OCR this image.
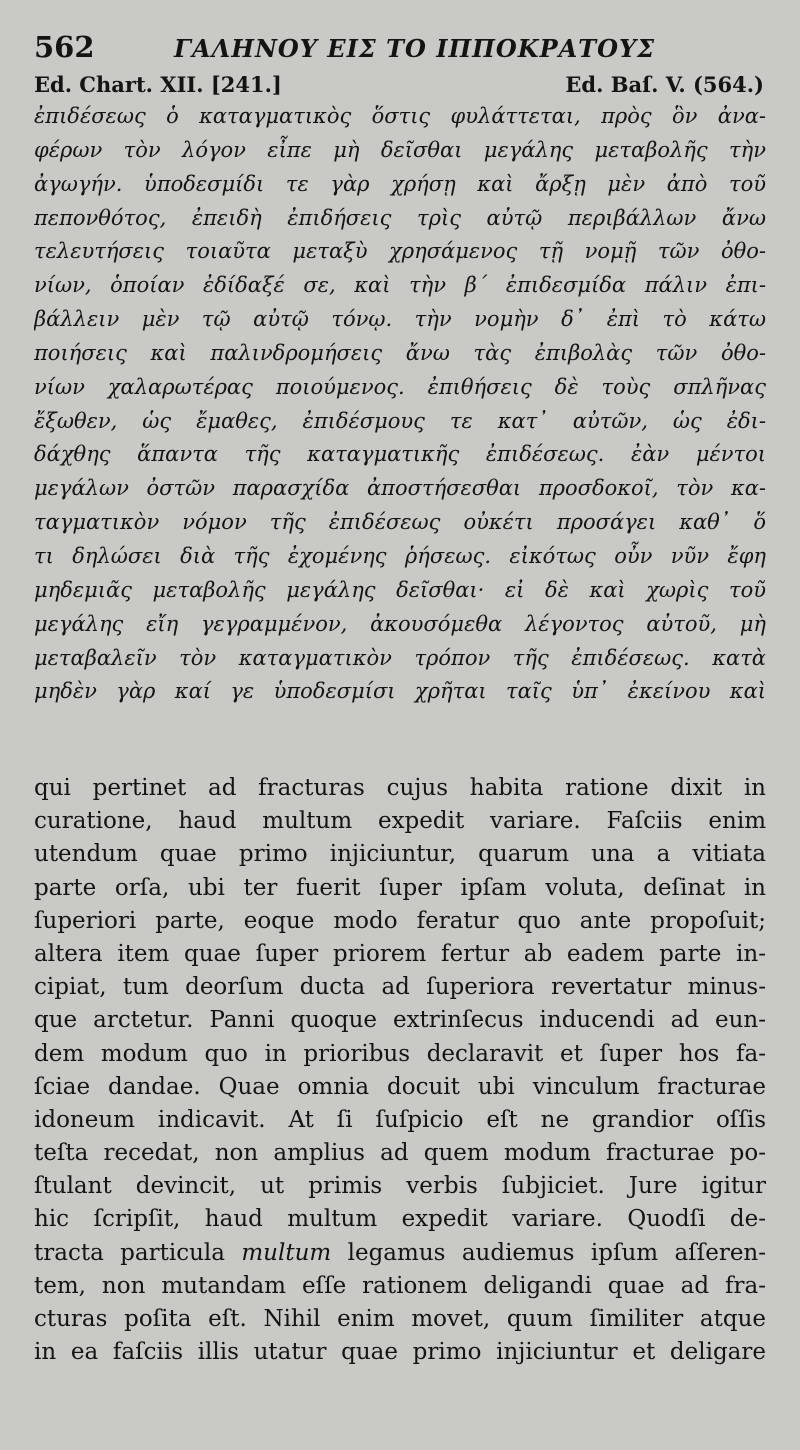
562	ΓΑΛΗΝΟΥ ΕΙΣ ΤΟ ΙΠΠΟΚΡΑΤΟΥΣ
Ed. Chart. XII. [241.]	Ed. Baſ. V. (564.)
ἐπιδέσεως ὁ καταγματικὸς ὅστις φυλάττεται, πρὸς ὃν ἀνα-
φέρων τὸν λόγον εἶπε μὴ δεῖσθαι μεγάλης μεταβολῆς τὴν
ἀγωγήν. ὑποδεσμίδι τε γὰρ χρήσῃ καὶ ἄρξῃ μὲν ἀπὸ τοῦ
πεπονθότος, ἐπειδὴ ἐπιδήσεις τρὶς αὐτῷ περιβάλλων ἄνω
τελευτήσεις τοιαῦτα μεταξὺ χρησάμενος τῇ νομῇ τῶν ὀθο-
νίων, ὁποίαν ἐδίδαξέ σε, καὶ τὴν β΄ ἐπιδεσμίδα πάλιν ἐπι-
βάλλειν μὲν τῷ αὐτῷ τόνῳ. τὴν νομὴν δ᾿ ἐπὶ τὸ κάτω
ποιήσεις καὶ παλινδρομήσεις ἄνω τὰς ἐπιβολὰς τῶν ὀθο-
νίων χαλαρωτέρας ποιούμενος. ἐπιθήσεις δὲ τοὺς σπλῆνας
ἔξωθεν, ὡς ἔμαθες, ἐπιδέσμους τε κατ᾿ αὐτῶν, ὡς ἐδι-
δάχθης ἅπαντα τῆς καταγματικῆς ἐπιδέσεως. ἐὰν μέντοι
μεγάλων ὀστῶν παρασχίδα ἀποστήσεσθαι προσδοκοῖ, τὸν κα-
ταγματικὸν νόμον τῆς ἐπιδέσεως οὐκέτι προσάγει καθ᾿ ὅ
τι δηλώσει διὰ τῆς ἐχομένης ῥήσεως. εἰκότως οὖν νῦν ἔφη
μηδεμιᾶς μεταβολῆς μεγάλης δεῖσθαι· εἰ δὲ καὶ χωρὶς τοῦ
μεγάλης εἴη γεγραμμένον, ἀκουσόμεθα λέγοντος αὐτοῦ, μὴ
μεταβαλεῖν τὸν καταγματικὸν τρόπον τῆς ἐπιδέσεως. κατὰ
μηδὲν γὰρ καί γε ὑποδεσμίσι χρῆται ταῖς ὑπ᾿ ἐκείνου καὶ
qui pertinet ad fracturas cujus habita ratione dixit in
curatione, haud multum expedit variare. Faſciis enim
utendum quae primo injiciuntur, quarum una a vitiata
parte orſa, ubi ter fuerit ſuper ipſam voluta, deſinat in
ſuperiori parte, eoque modo feratur quo ante propoſuit;
altera item quae ſuper priorem fertur ab eadem parte in-
cipiat, tum deorſum ducta ad ſuperiora revertatur minus-
que arctetur. Panni quoque extrinſecus inducendi ad eun-
dem modum quo in prioribus declaravit et ſuper hos fa-
ſciae dandae. Quae omnia docuit ubi vinculum fracturae
idoneum indicavit. At ſi ſuſpicio eſt ne grandior oſſis
teſta recedat, non amplius ad quem modum fracturae po-
ſtulant devincit, ut primis verbis ſubjiciet. Jure igitur
hic ſcripſit, haud multum expedit variare. Quodſi de-
tracta particula multum legamus audiemus ipſum aſſeren-
tem, non mutandam eſſe rationem deligandi quae ad fra-
cturas poſita eſt. Nihil enim movet, quum ſimiliter atque
in ea faſciis illis utatur quae primo injiciuntur et deligare
